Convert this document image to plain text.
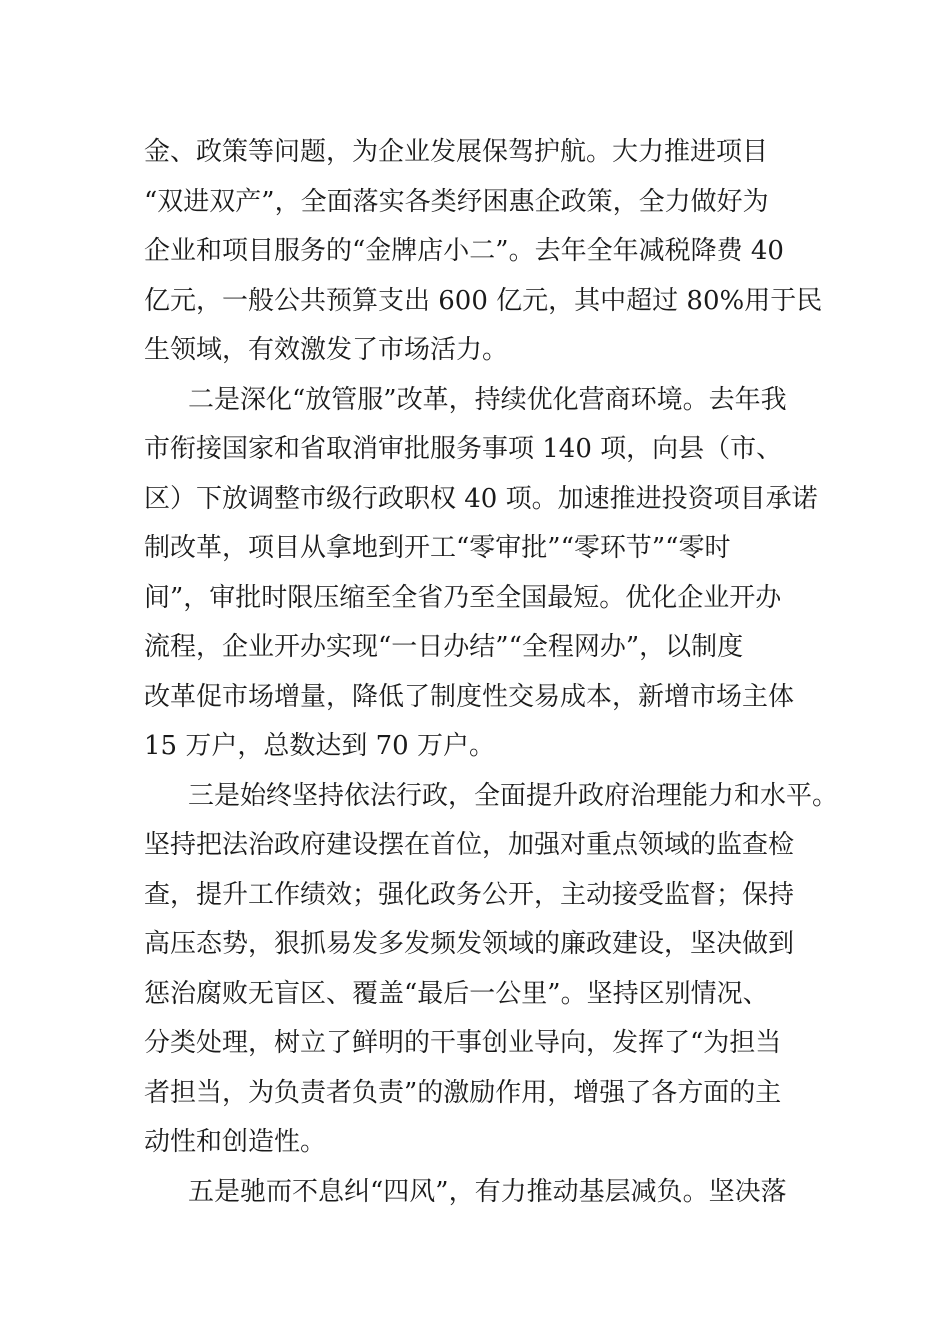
金、政策等问题，为企业发展保驾护航。大力推进项目
“双进双产”，全面落实各类纾困惠企政策，全力做好为
企业和项目服务的“金牌店小二”。去年全年减税降费 40
亿元，一般公共预算支出 600 亿元，其中超过 80%用于民
生领域，有效激发了市场活力。
二是深化“放管服”改革，持续优化营商环境。去年我
市衔接国家和省取消审批服务事项 140 项，向县（市、
区）下放调整市级行政职权 40 项。加速推进投资项目承诺
制改革，项目从拿地到开工“零审批”“零环节”“零时
间”，审批时限压缩至全省乃至全国最短。优化企业开办
流程，企业开办实现“一日办结”“全程网办”，以制度
改革促市场增量，降低了制度性交易成本，新增市场主体
15 万户，总数达到 70 万户。
三是始终坚持依法行政，全面提升政府治理能力和水平。
坚持把法治政府建设摆在首位，加强对重点领域的监查检
查，提升工作绩效；强化政务公开，主动接受监督；保持
高压态势，狠抓易发多发频发领域的廉政建设，坚决做到
惩治腐败无盲区、覆盖“最后一公里”。坚持区别情况、
分类处理，树立了鲜明的干事创业导向，发挥了“为担当
者担当，为负责者负责”的激励作用，增强了各方面的主
动性和创造性。
五是驰而不息纠“四风”，有力推动基层减负。坚决落
